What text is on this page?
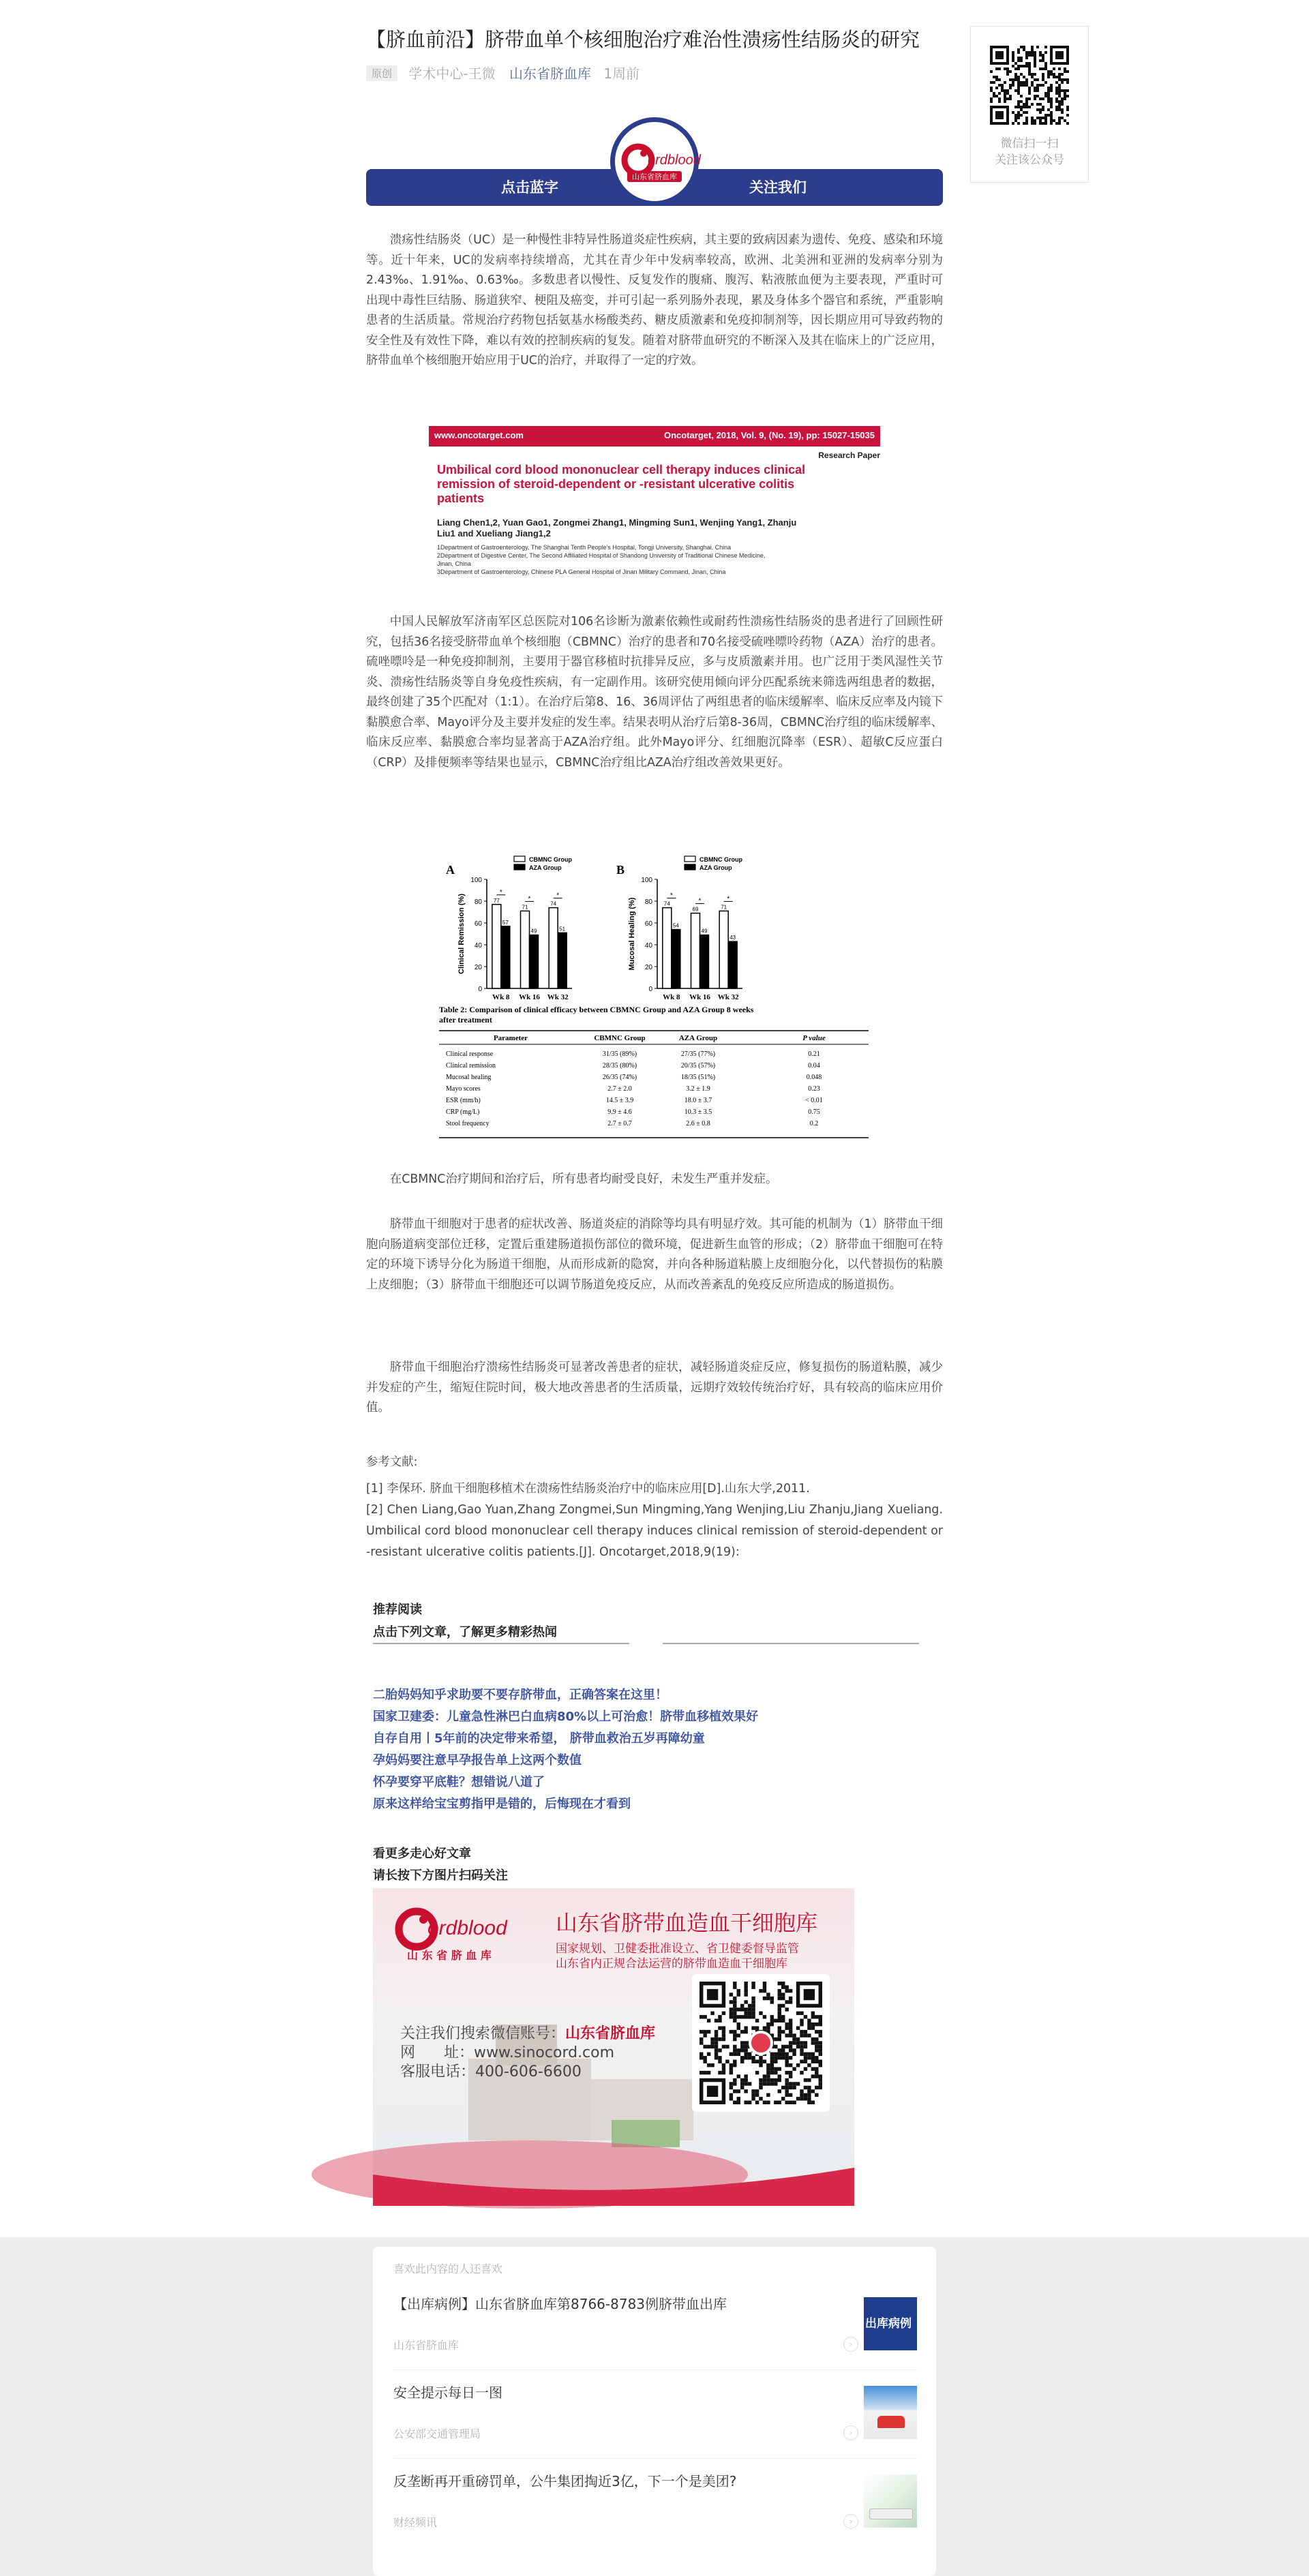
【脐血前沿】脐带血单个核细胞治疗难治性溃疡性结肠炎的研究
原创 学术中心-王微 山东省脐血库 1周前
点击蓝字	关注我们
ordblood
山东省脐血库

溃疡性结肠炎（UC）是一种慢性非特异性肠道炎症性疾病，其主要的致病因素为遗传、免疫、感染和环境等。近十年来，UC的发病率持续增高，尤其在青少年中发病率较高，欧洲、北美洲和亚洲的发病率分别为2.43‰、1.91‰、0.63‰。多数患者以慢性、反复发作的腹痛、腹泻、粘液脓血便为主要表现，严重时可出现中毒性巨结肠、肠道狭窄、梗阻及癌变，并可引起一系列肠外表现，累及身体多个器官和系统，严重影响患者的生活质量。常规治疗药物包括氨基水杨酸类药、糖皮质激素和免疫抑制剂等，因长期应用可导致药物的安全性及有效性下降，难以有效的控制疾病的复发。随着对脐带血研究的不断深入及其在临床上的广泛应用，脐带血单个核细胞开始应用于UC的治疗，并取得了一定的疗效。

www.oncotarget.com	Oncotarget, 2018, Vol. 9, (No. 19), pp: 15027-15035
Research Paper
Umbilical cord blood mononuclear cell therapy induces clinical
remission of steroid-dependent or -resistant ulcerative colitis
patients
Liang Chen1,2, Yuan Gao1, Zongmei Zhang1, Mingming Sun1, Wenjing Yang1, Zhanju
Liu1 and Xueliang Jiang1,2
1Department of Gastroenterology, The Shanghai Tenth People's Hospital, Tongji University, Shanghai, China
2Department of Digestive Center, The Second Affiliated Hospital of Shandong University of Traditional Chinese Medicine,
Jinan, China
3Department of Gastroenterology, Chinese PLA General Hospital of Jinan Military Command, Jinan, China

中国人民解放军济南军区总医院对106名诊断为激素依赖性或耐药性溃疡性结肠炎的患者进行了回顾性研究，包括36名接受脐带血单个核细胞（CBMNC）治疗的患者和70名接受硫唑嘌呤药物（AZA）治疗的患者。硫唑嘌呤是一种免疫抑制剂，主要用于器官移植时抗排异反应，多与皮质激素并用。也广泛用于类风湿性关节炎、溃疡性结肠炎等自身免疫性疾病，有一定副作用。该研究使用倾向评分匹配系统来筛选两组患者的数据，最终创建了35个匹配对（1:1）。在治疗后第8、16、36周评估了两组患者的临床缓解率、临床反应率及内镜下黏膜愈合率、Mayo评分及主要并发症的发生率。结果表明从治疗后第8-36周，CBMNC治疗组的临床缓解率、临床反应率、黏膜愈合率均显著高于AZA治疗组。此外Mayo评分、红细胞沉降率（ESR）、超敏C反应蛋白（CRP）及排便频率等结果也显示，CBMNC治疗组比AZA治疗组改善效果更好。

A
0
20
40
60
80
100
Clinical Remission (%)	77
57
*
Wk 8
71
49
*
Wk 16
74
51
*
Wk 32
CBMNC Group
AZA Group	B
0
20
40
60
80
100
Mucosal Healing (%)	74
54
*
Wk 8
69
49
*
Wk 16
71
43
*
Wk 32
CBMNC Group
AZA Group
Table 2: Comparison of clinical efficacy between CBMNC Group and AZA Group 8 weeks
after treatment
Parameter	CBMNC Group	AZA Group	P value
Clinical response	31/35 (89%)	27/35 (77%)	0.21
Clinical remission	28/35 (80%)	20/35 (57%)	0.04
Mucosal healing	26/35 (74%)	18/35 (51%)	0.048
Mayo scores	2.7 ± 2.0	3.2 ± 1.9	0.23
ESR (mm/h)	14.5 ± 3.9	18.0 ± 3.7	< 0.01
CRP (mg/L)	9.9 ± 4.6	10.3 ± 3.5	0.75
Stool frequency	2.7 ± 0.7	2.6 ± 0.8	0.2

在CBMNC治疗期间和治疗后，所有患者均耐受良好，未发生严重并发症。

脐带血干细胞对于患者的症状改善、肠道炎症的消除等均具有明显疗效。其可能的机制为（1）脐带血干细胞向肠道病变部位迁移，定置后重建肠道损伤部位的微环境，促进新生血管的形成；（2）脐带血干细胞可在特定的环境下诱导分化为肠道干细胞，从而形成新的隐窝，并向各种肠道粘膜上皮细胞分化，以代替损伤的粘膜上皮细胞；（3）脐带血干细胞还可以调节肠道免疫反应，从而改善紊乱的免疫反应所造成的肠道损伤。

脐带血干细胞治疗溃疡性结肠炎可显著改善患者的症状，减轻肠道炎症反应，修复损伤的肠道粘膜，减少并发症的产生，缩短住院时间，极大地改善患者的生活质量，远期疗效较传统治疗好，具有较高的临床应用价值。

参考文献:

[1] 李保环. 脐血干细胞移植术在溃疡性结肠炎治疗中的临床应用[D].山东大学,2011.

[2] Chen Liang,Gao Yuan,Zhang Zongmei,Sun Mingming,Yang Wenjing,Liu Zhanju,Jiang Xueliang. Umbilical cord blood mononuclear cell therapy induces clinical remission of steroid-dependent or -resistant ulcerative colitis patients.[J]. Oncotarget,2018,9(19):

微信扫一扫
关注该公众号
推荐阅读
点击下列文章，了解更多精彩热闻
二胎妈妈知乎求助要不要存脐带血，正确答案在这里！
国家卫建委：儿童急性淋巴白血病80%以上可治愈！脐带血移植效果好
自存自用丨5年前的决定带来希望， 脐带血救治五岁再障幼童
孕妈妈要注意早孕报告单上这两个数值
怀孕要穿平底鞋？想错说八道了
原来这样给宝宝剪指甲是错的，后悔现在才看到
看更多走心好文章
请长按下方图片扫码关注
ordblood
山 东 省 脐 血 库
山东省脐带血造血干细胞库
国家规划、卫健委批准设立、省卫健委督导监管
山东省内正规合法运营的脐带血造血干细胞库
关注我们搜索微信账号：山东省脐血库
网      址：www.sinocord.com
客服电话：400-606-6600
喜欢此内容的人还喜欢
【出库病例】山东省脐血库第8766-8783例脐带血出库
山东省脐血库	›
出库病例
安全提示每日一图
公安部交通管理局	›
反垄断再开重磅罚单，公牛集团掏近3亿，下一个是美团?
财经频讯	›
